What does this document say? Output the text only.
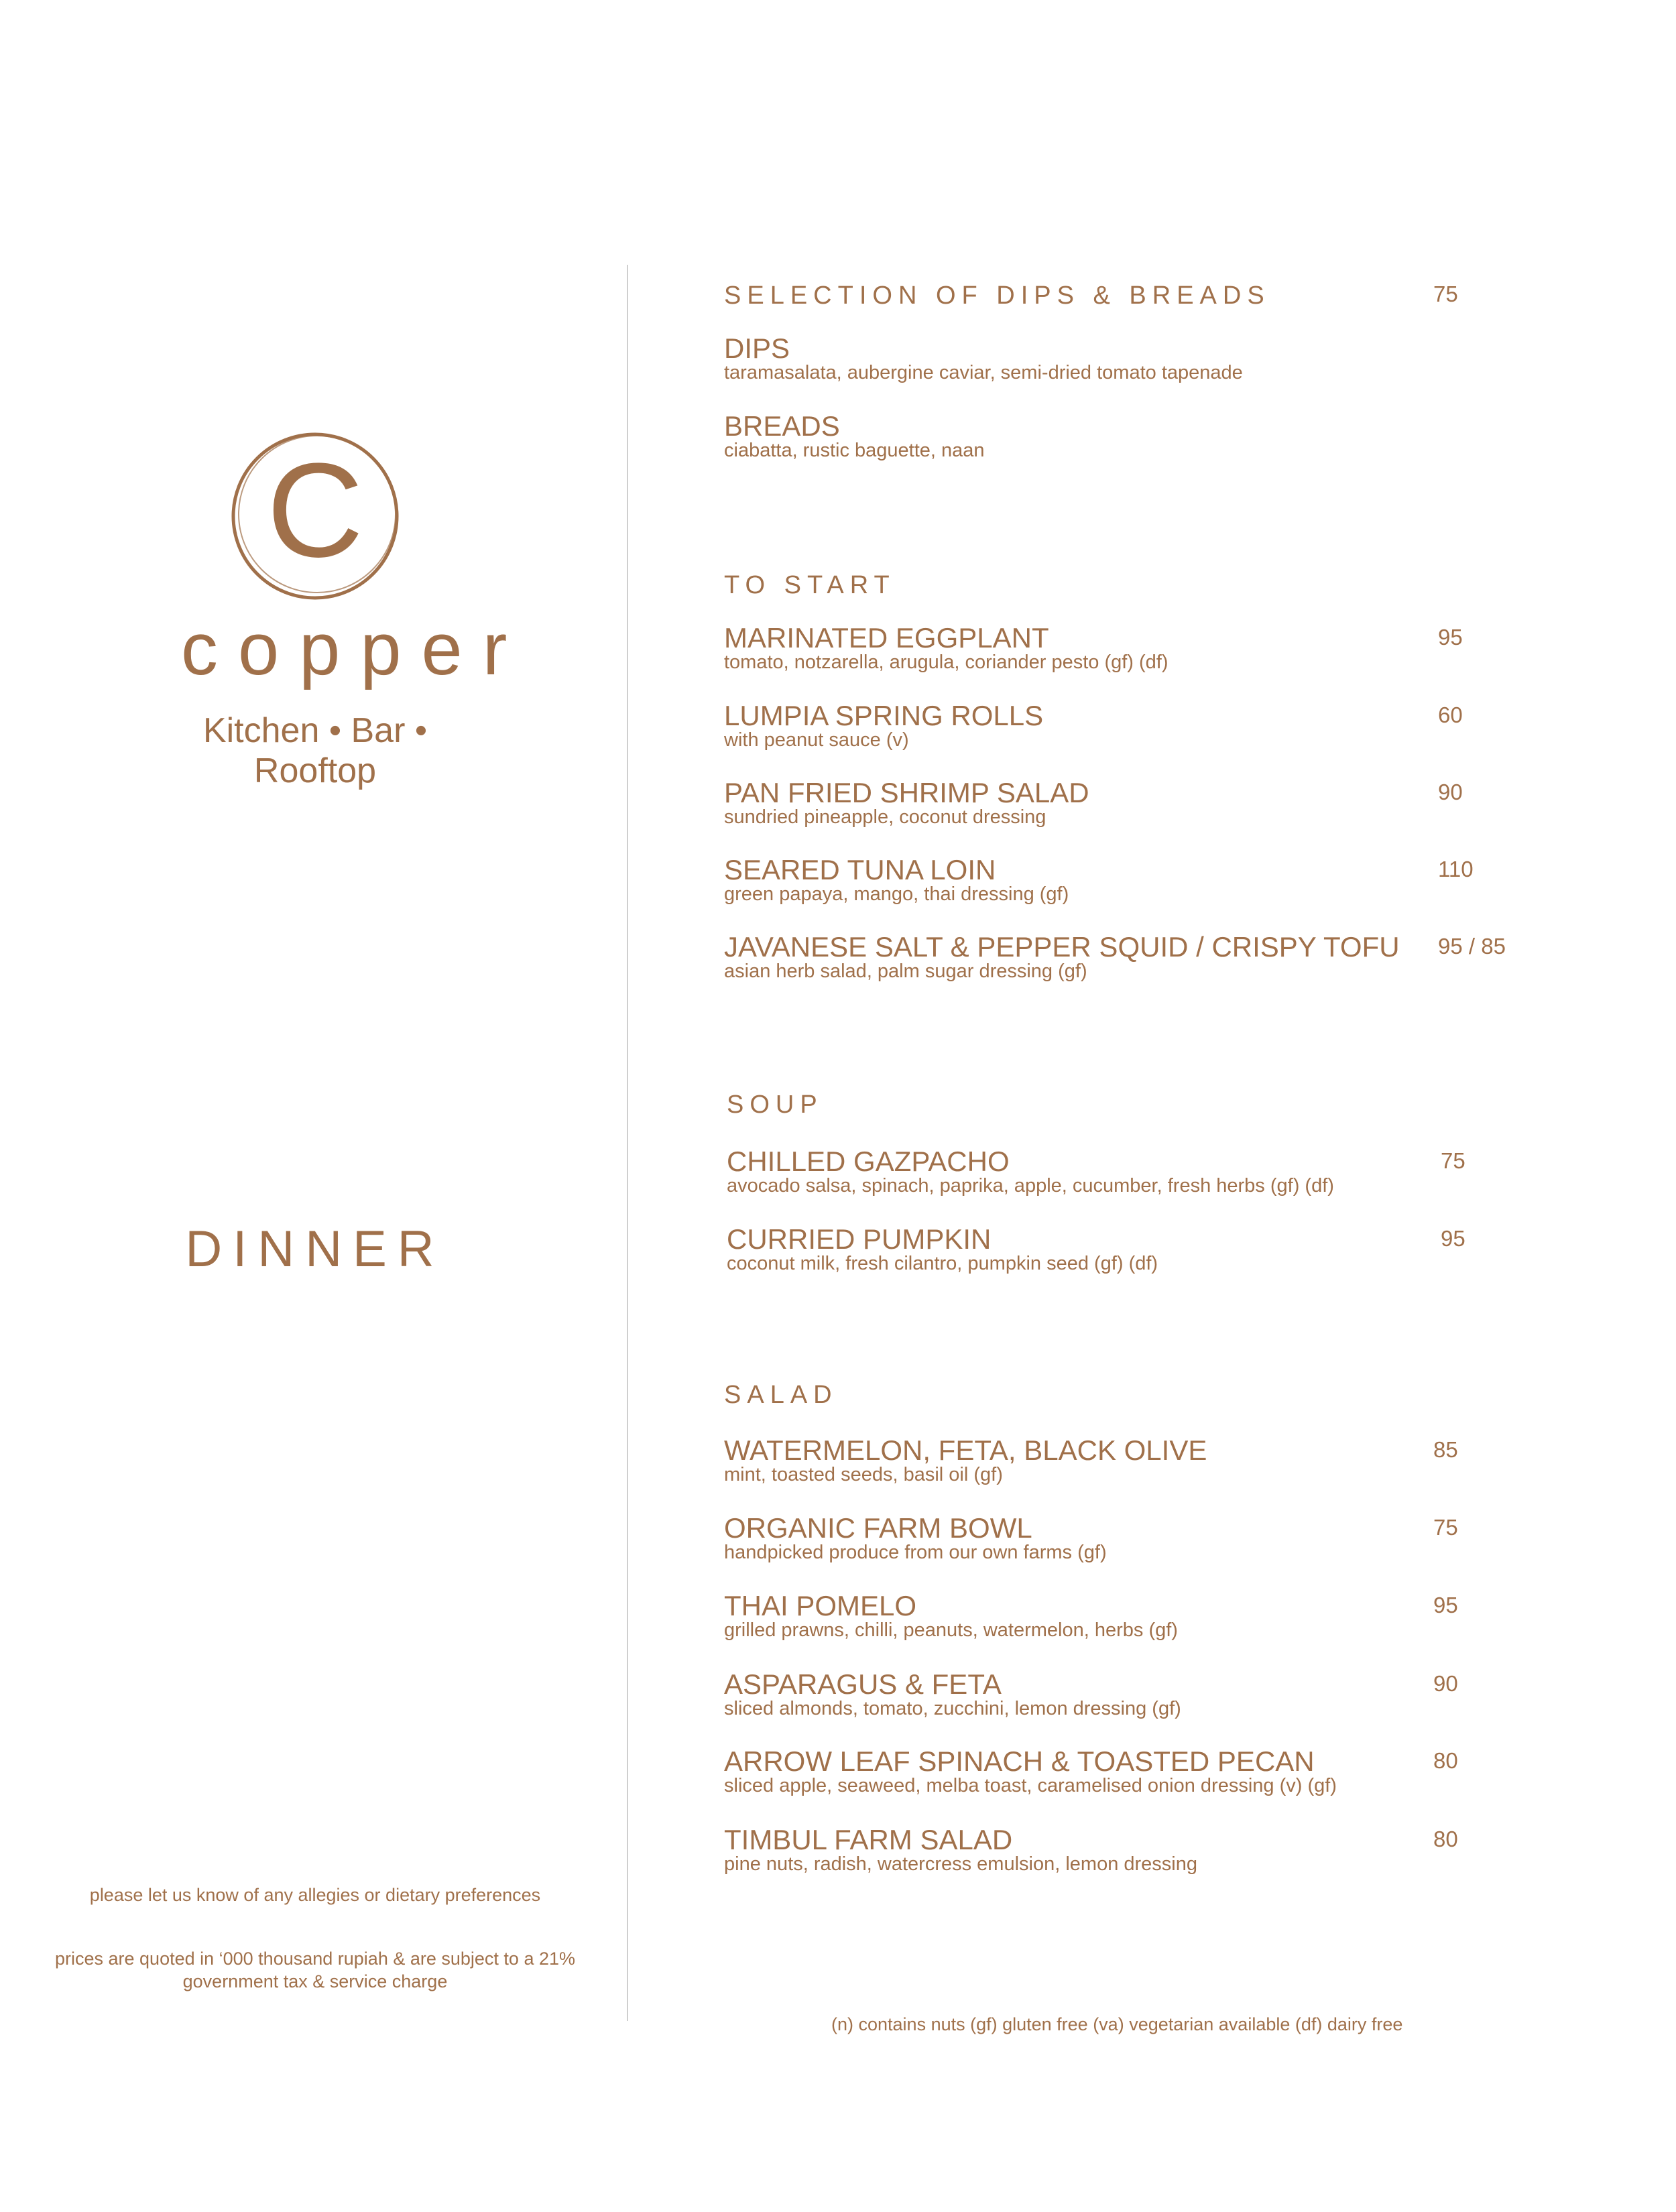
C
copper
Kitchen • Bar • Rooftop
DINNER
please let us know of any allegies or dietary preferences
prices are quoted in ‘000 thousand rupiah & are subject to a 21% government tax & service charge
SELECTION OF DIPS & BREADS	75
DIPS
taramasalata, aubergine caviar, semi-dried tomato tapenade
BREADS
ciabatta, rustic baguette, naan
TO START
MARINATED EGGPLANT
tomato, notzarella, arugula, coriander pesto (gf) (df)
95
LUMPIA SPRING ROLLS
with peanut sauce (v)
60
PAN FRIED SHRIMP SALAD
sundried pineapple, coconut dressing
90
SEARED TUNA LOIN
green papaya, mango, thai dressing (gf)
110
JAVANESE SALT & PEPPER SQUID / CRISPY TOFU
asian herb salad, palm sugar dressing (gf)
95 / 85
SOUP
CHILLED GAZPACHO
avocado salsa, spinach, paprika, apple, cucumber, fresh herbs (gf) (df)
75
CURRIED PUMPKIN
coconut milk, fresh cilantro, pumpkin seed (gf) (df)
95
SALAD
WATERMELON, FETA, BLACK OLIVE
mint, toasted seeds, basil oil (gf)
85
ORGANIC FARM BOWL
handpicked produce from our own farms (gf)
75
THAI POMELO
grilled prawns, chilli, peanuts, watermelon, herbs (gf)
95
ASPARAGUS & FETA
sliced almonds, tomato, zucchini, lemon dressing (gf)
90
ARROW LEAF SPINACH & TOASTED PECAN
sliced apple, seaweed, melba toast, caramelised onion dressing (v) (gf)
80
TIMBUL FARM SALAD
pine nuts, radish, watercress emulsion, lemon dressing
80
(n) contains nuts (gf) gluten free (va) vegetarian available (df) dairy free
